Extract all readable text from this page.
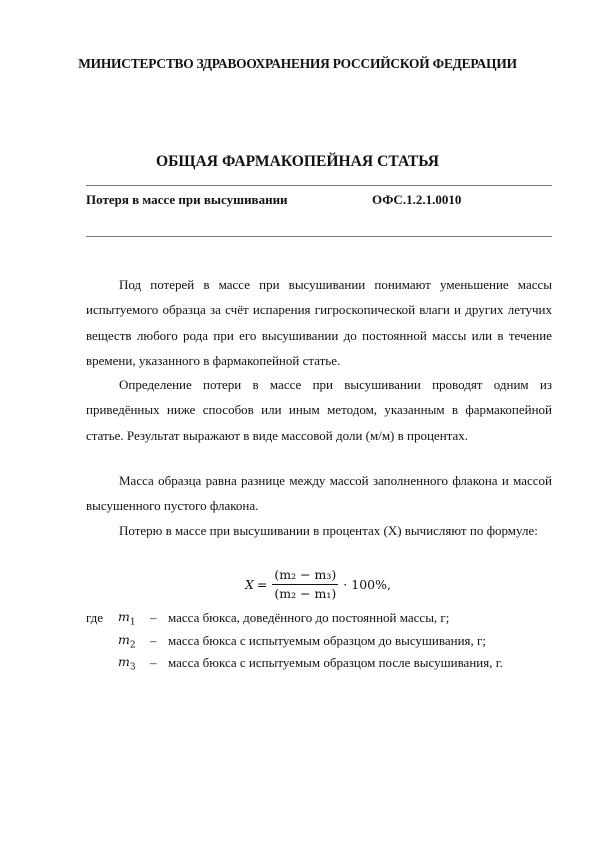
МИНИСТЕРСТВО ЗДРАВООХРАНЕНИЯ РОССИЙСКОЙ ФЕДЕРАЦИИ
ОБЩАЯ ФАРМАКОПЕЙНАЯ СТАТЬЯ
Потеря в массе при высушивании	ОФС.1.2.1.0010

Под потерей в массе при высушивании понимают уменьшение массы испытуемого образца за счёт испарения гигроскопической влаги и других летучих веществ любого рода при его высушивании до постоянной массы или в течение времени, указанного в фармакопейной статье.

Определение потери в массе при высушивании проводят одним из приведённых ниже способов или иным методом, указанным в фармакопейной статье. Результат выражают в виде массовой доли (м/м) в процентах.

Масса образца равна разнице между массой заполненного флакона и массой высушенного пустого флакона.

Потерю в массе при высушивании в процентах (X) вычисляют по формуле:

$X = \frac{\text{(m₂ − m₃)}}{\text{(m₂ − m₁)}} \cdot 100\%$,
где $m_1$ – масса бюкса, доведённого до постоянной массы, г;
$m_2$ – масса бюкса с испытуемым образцом до высушивания, г;
$m_3$ – масса бюкса с испытуемым образцом после высушивания, г.
